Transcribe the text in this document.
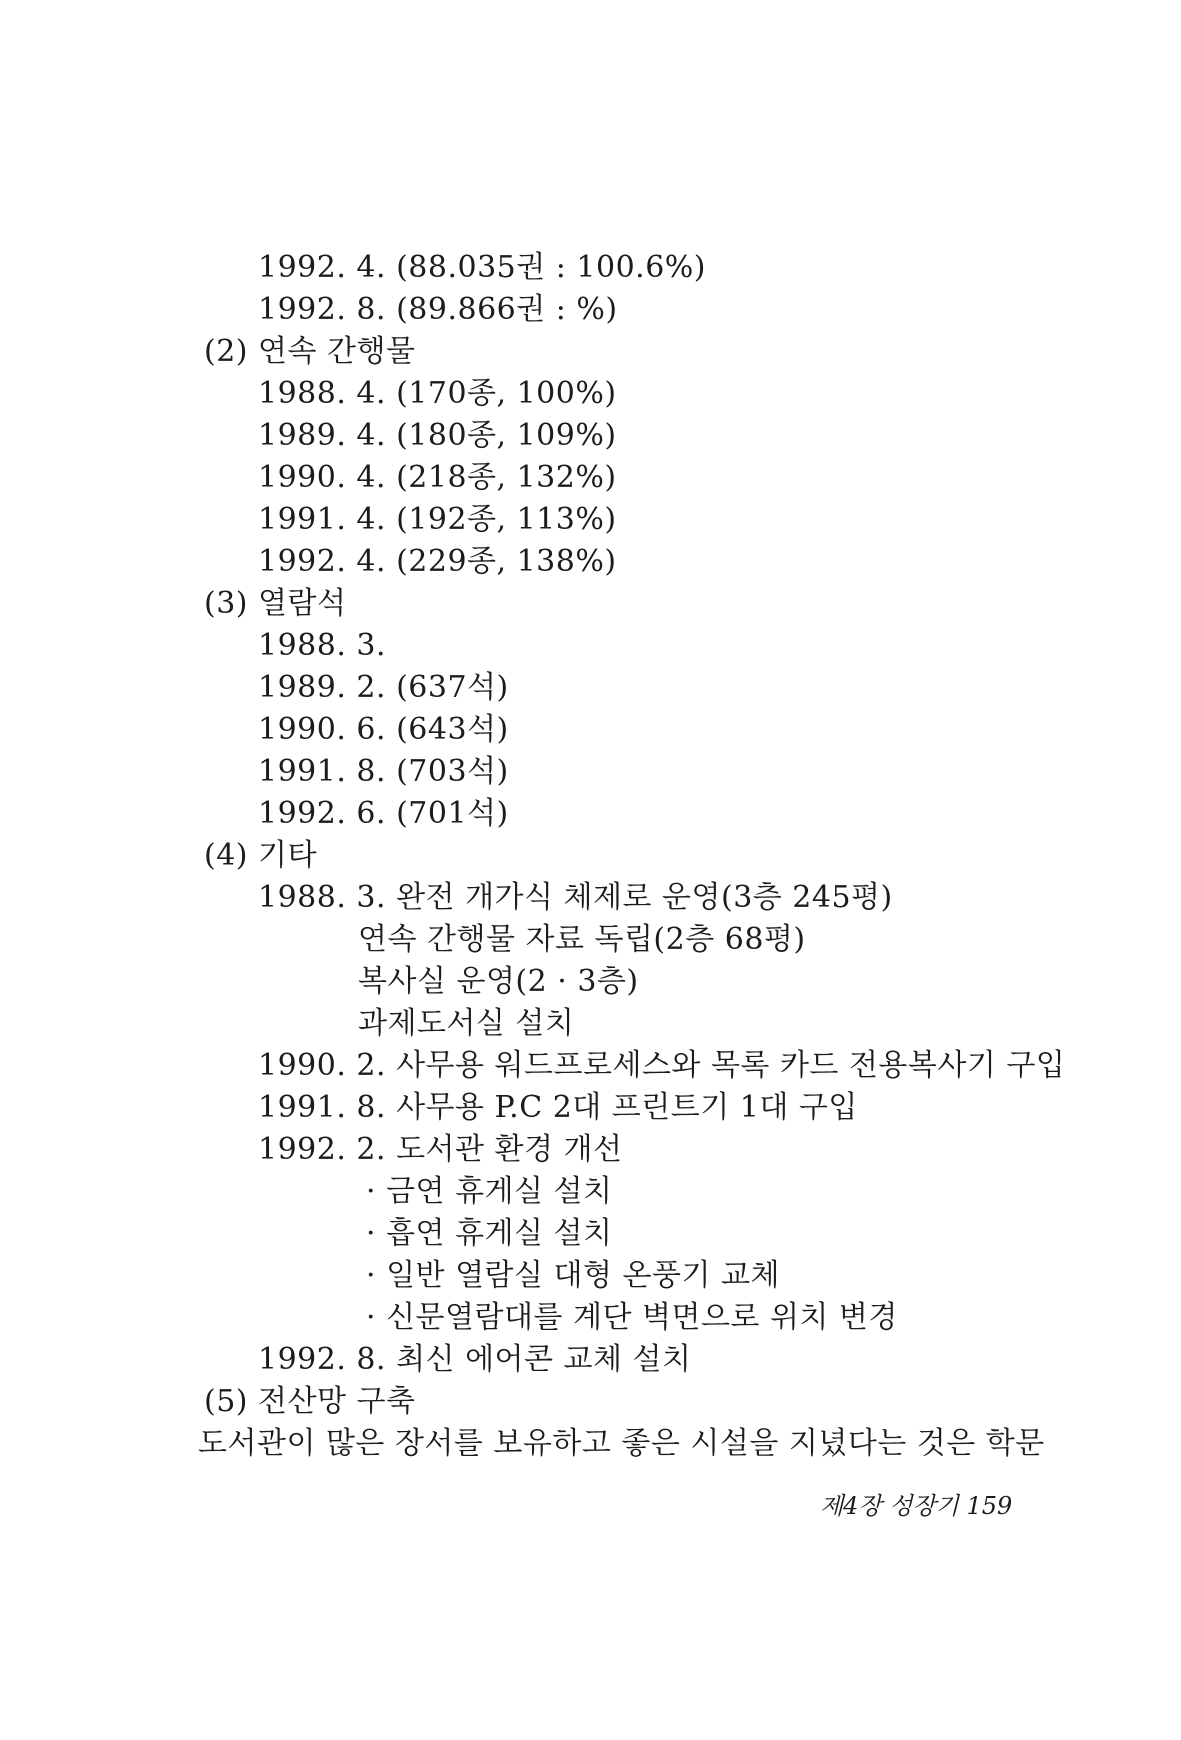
1992. 4. (88.035권 : 100.6%)
1992. 8. (89.866권 : %)
(2) 연속 간행물
1988. 4. (170종, 100%)
1989. 4. (180종, 109%)
1990. 4. (218종, 132%)
1991. 4. (192종, 113%)
1992. 4. (229종, 138%)
(3) 열람석
1988. 3.
1989. 2. (637석)
1990. 6. (643석)
1991. 8. (703석)
1992. 6. (701석)
(4) 기타
1988. 3. 완전 개가식 체제로 운영(3층 245평)
연속 간행물 자료 독립(2층 68평)
복사실 운영(2 · 3층)
과제도서실 설치
1990. 2. 사무용 워드프로세스와 목록 카드 전용복사기 구입
1991. 8. 사무용 P.C 2대 프린트기 1대 구입
1992. 2. 도서관 환경 개선
· 금연 휴게실 설치
· 흡연 휴게실 설치
· 일반 열람실 대형 온풍기 교체
· 신문열람대를 계단 벽면으로 위치 변경
1992. 8. 최신 에어콘 교체 설치
(5) 전산망 구축
도서관이 많은 장서를 보유하고 좋은 시설을 지녔다는 것은 학문
제4장 성장기 159
